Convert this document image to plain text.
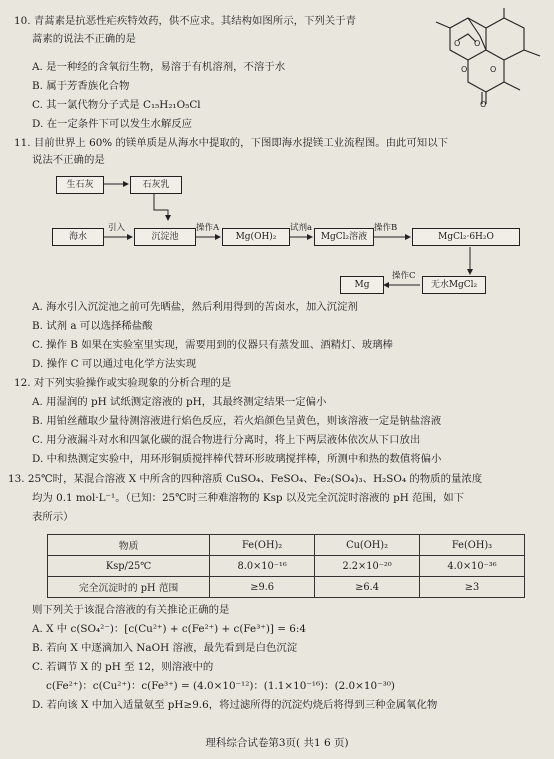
10. 青蒿素是抗恶性疟疾特效药，供不应求。其结构如图所示，下列关于青
蒿素的说法不正确的是
A. 是一种经的含氧衍生物，易溶于有机溶剂，不溶于水
B. 属于芳香族化合物
C. 其一氯代物分子式是 C₁₅H₂₁O₅Cl
D. 在一定条件下可以发生水解反应
O O
O	O
O
11. 目前世界上 60% 的镁单质是从海水中提取的，下图即海水提镁工业流程图。由此可知以下
说法不正确的是
生石灰	石灰乳
海水
引入
沉淀池
操作A
Mg(OH)₂
试剂a
MgCl₂溶液
操作B
MgCl₂·6H₂O
操作C
无水MgCl₂
Mg
A. 海水引入沉淀池之前可先晒盐，然后利用得到的苦卤水，加入沉淀剂
B. 试剂 a 可以选择稀盐酸
C. 操作 B 如果在实验室里实现，需要用到的仪器只有蒸发皿、酒精灯、玻璃棒
D. 操作 C 可以通过电化学方法实现
12. 对下列实验操作或实验现象的分析合理的是
A. 用湿润的 pH 试纸测定溶液的 pH，其最终测定结果一定偏小
B. 用铂丝蘸取少量待测溶液进行焰色反应，若火焰颜色呈黄色，则该溶液一定是钠盐溶液
C. 用分液漏斗对水和四氯化碳的混合物进行分离时，将上下两层液体依次从下口放出
D. 中和热测定实验中，用环形铜质搅拌棒代替环形玻璃搅拌棒，所测中和热的数值将偏小
13. 25℃时，某混合溶液 X 中所含的四种溶质 CuSO₄、FeSO₄、Fe₂(SO₄)₃、H₂SO₄ 的物质的量浓度
均为 0.1 mol·L⁻¹。（已知：25℃时三种难溶物的 Ksp 以及完全沉淀时溶液的 pH 范围，如下
表所示）
物质	Fe(OH)₂	Cu(OH)₂	Fe(OH)₃
Ksp/25℃	8.0×10⁻¹⁶	2.2×10⁻²⁰	4.0×10⁻³⁶
完全沉淀时的 pH 范围	≥9.6	≥6.4	≥3
则下列关于该混合溶液的有关推论正确的是
A. X 中 c(SO₄²⁻)：[c(Cu²⁺) + c(Fe²⁺) + c(Fe³⁺)] = 6:4
B. 若向 X 中逐滴加入 NaOH 溶液，最先看到是白色沉淀
C. 若调节 X 的 pH 至 12，则溶液中的
c(Fe²⁺)：c(Cu²⁺)：c(Fe³⁺) = (4.0×10⁻¹²)：(1.1×10⁻¹⁶)：(2.0×10⁻³⁰)
D. 若向该 X 中加入适量氨至 pH≥9.6，将过滤所得的沉淀灼烧后将得到三种金属氧化物
理科综合试卷第3页( 共1 6 页)
